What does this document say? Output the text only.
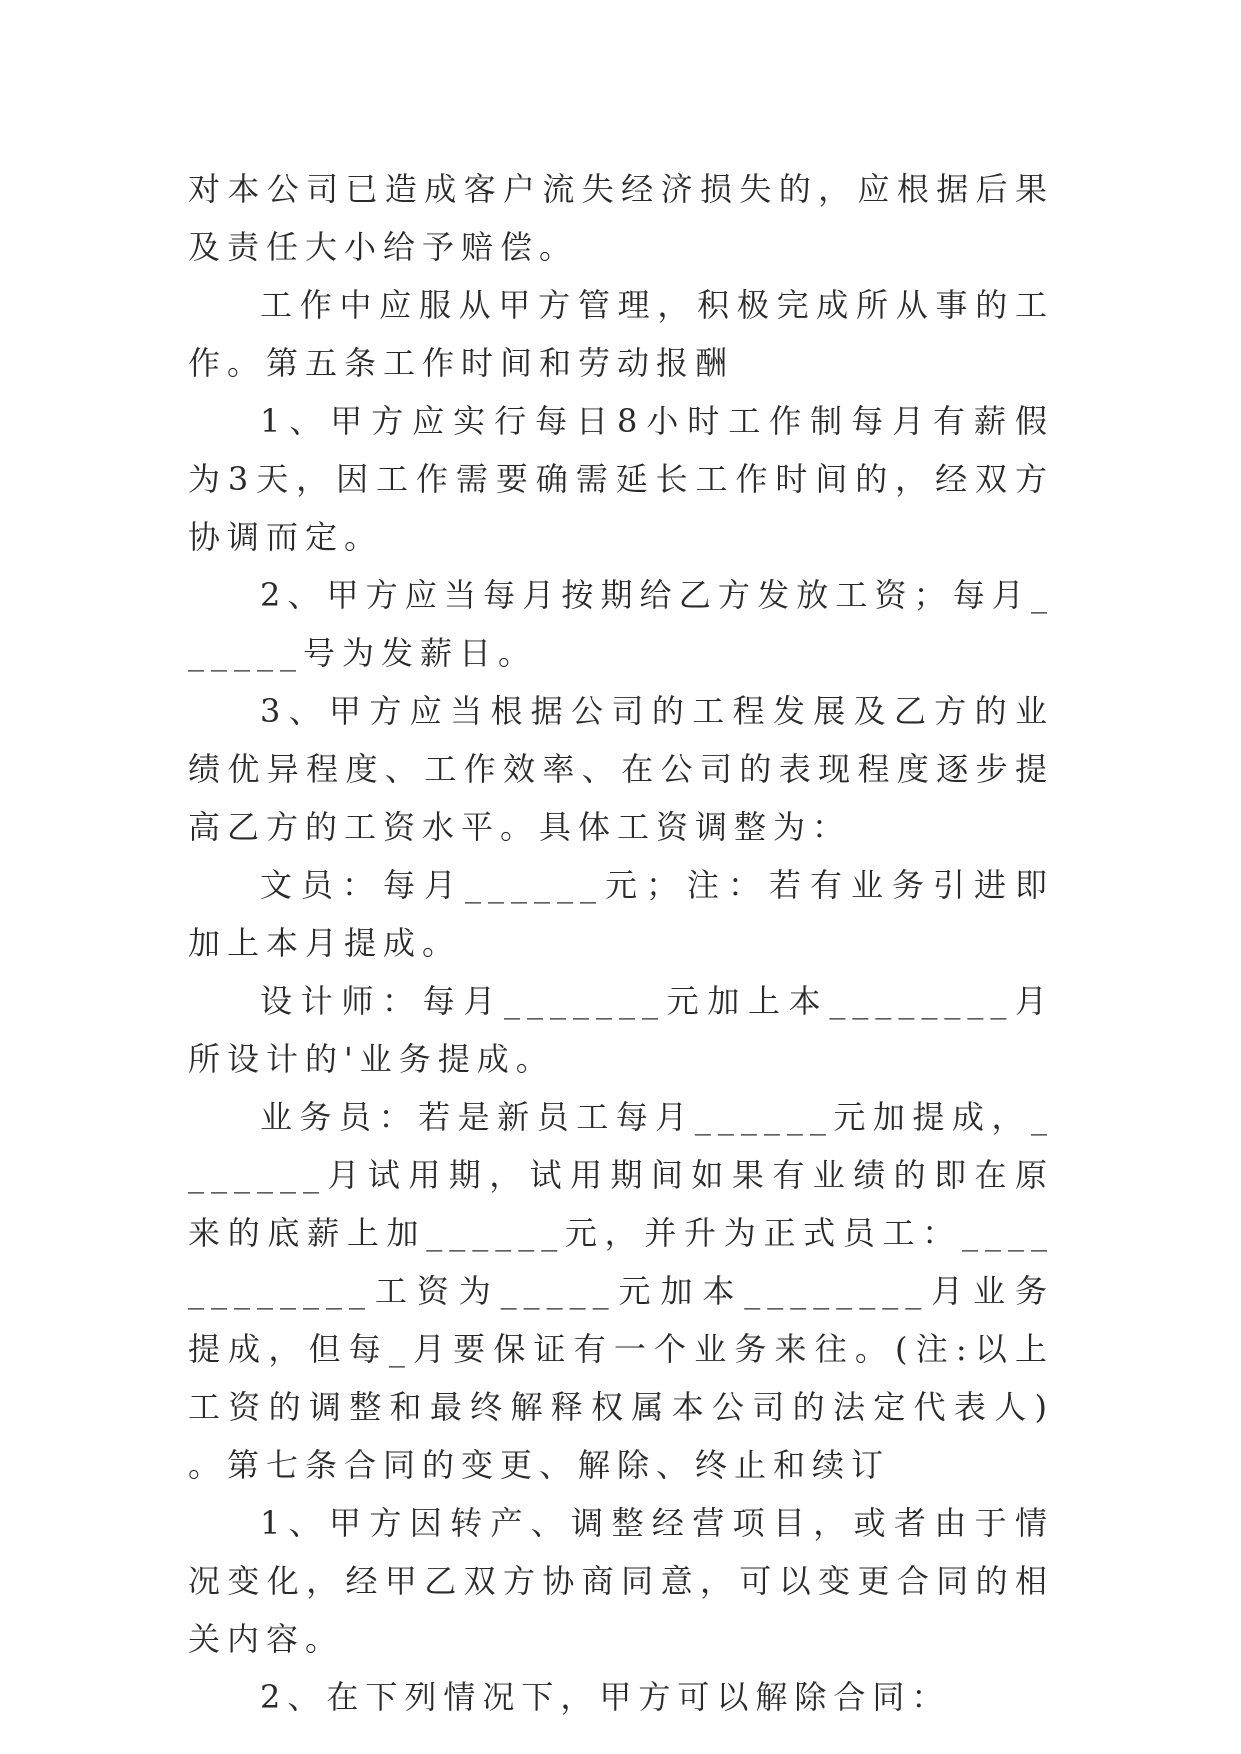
对本公司已造成客户流失经济损失的，应根据后果及责任大小给予赔偿。

工作中应服从甲方管理，积极完成所从事的工作。第五条工作时间和劳动报酬

1、甲方应实行每日8小时工作制每月有薪假为3天，因工作需要确需延长工作时间的，经双方协调而定。

2、甲方应当每月按期给乙方发放工资；每月______号为发薪日。

3、甲方应当根据公司的工程发展及乙方的业绩优异程度、工作效率、在公司的表现程度逐步提高乙方的工资水平。具体工资调整为：

文员：每月______元；注：若有业务引进即加上本月提成。

设计师：每月_______元加上本________月所设计的'业务提成。

业务员：若是新员工每月______元加提成，_______月试用期，试用期间如果有业绩的即在原来的底薪上加______元，并升为正式员工：____________工资为_____元加本________月业务提成，但每_月要保证有一个业务来往。(注:以上工资的调整和最终解释权属本公司的法定代表人)。第七条合同的变更、解除、终止和续订

1、甲方因转产、调整经营项目，或者由于情况变化，经甲乙双方协商同意，可以变更合同的相关内容。

2、在下列情况下，甲方可以解除合同：
